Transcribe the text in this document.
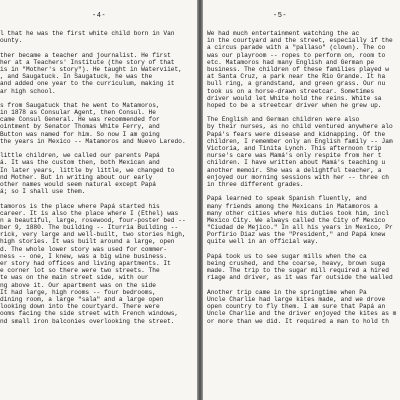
-4-
l that he was the first white child born in Van
ounty.
ther became a teacher and journalist. He first
her at a Teachers' Institute (the story of that
is in "Mother's story"). He taught in Waterviiet,
, and Saugatuck. In Saugatuck, he was the
and added one year to the curriculum, making it
ar high school.
s from Saugatuck that he went to Matamoros,
in 1878 as Consular Agent, then Consul. He
came Consul General. He was recommended for
ointment by Senator Thomas White Ferry, and
Button was named for him. So now I am going
the years in Mexico -- Matamoros and Nuevo Laredo.
little children, we called our parents Papá
á. It was the custom then, both Mexican and
In later years, little by little, we changed to
nd Mother. But in writing about our early
other names would seem natural except Papá
á; so I shall use them.
tamoros is the place where Papá started his
career. It is also the place where I (Ethel) was
n a beautiful, large, rosewood, four-poster bed --
ber 9, 1880. The building -- Iturria Building --
rick, very large and well-built, two stories high,
high stories. It was built around a large, open
d. The whole lower story was used for commer-
ness -- one, I knew, was a big wine business.
er story had offices and living apartments. It
e corner lot so there were two streets. The
te was on the main street side, with our
ng above it. Our apartment was on the side
It had large, high rooms -- four bedrooms,
dining room, a large "sala" and a large open
looking down into the courtyard. There were
ooms facing the side street with French windows,
nd small iron balconies overlooking the street.
-5-
We had much entertainment watching the ac
in the courtyard and the street, especially if the
a circus parade with a "pallaso" (clown). The co
was our playroom -- ropes to perform on, room to
etc. Matamoros had many English and German pe
business. The children of these families played w
at Santa Cruz, a park near the Rio Grande. It ha
bull ring, a grandstand, and green grass. Our nu
took us on a horse-drawn streetcar. Sometimes
driver would let White hold the reins. White sa
hoped to be a streetcar driver when he grew up.
The English and German children were also
by their nurses, as no child ventured anywhere alo
Papá's fears were disease and kidnapping. Of the
children, I remember only an English family -- Jam
Victoria, and Tinita Lynch. This afternoon trip
nurse's care was Mamá's only respite from her t
children. I have written about Mamá's teaching u
another memoir. She was a delightful teacher, a
enjoyed our morning sessions with her -- three ch
in three different grades.
Papá learned to speak Spanish fluently, and
many friends among the Mexicans in Matamoros a
many other cities where his duties took him, incl
Mexico City. We always called the City of Mexico
"Ciudad de Mejico." In all his years in Mexico, Pr
Porfirio Diaz was the "President," and Papá knew
quite well in an official way.
Papá took us to see sugar mills when the ca
being crushed, and the coarse, heavy, brown suga
made. The trip to the sugar mill required a hired
riage and driver, as it was far outside the walled
Another trip came in the springtime when Pa
Uncle Charlie had large kites made, and we drove
open country to fly them. I am sure that Papá an
Uncle Charlie and the driver enjoyed the kites as m
or more than we did. It required a man to hold th
